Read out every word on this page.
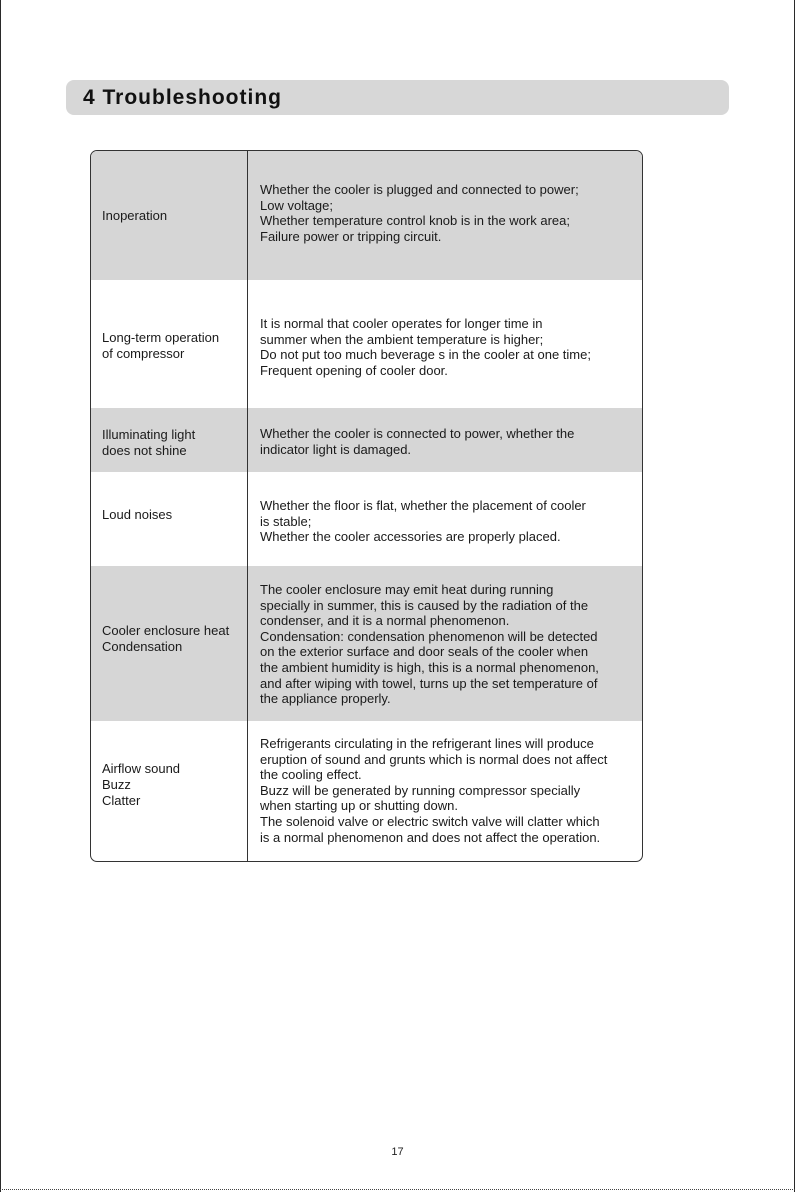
4 Troubleshooting
Inoperation
Whether the cooler is plugged and connected to power;
Low voltage;
Whether temperature control knob is in the work area;
Failure power or tripping circuit.
Long-term operation
of compressor
It is normal that cooler operates for longer time in
summer when the ambient temperature is higher;
Do not put too much beverage s in the cooler at one time;
Frequent opening of cooler door.
Illuminating light
does not shine
Whether the cooler is connected to power, whether the
indicator light is damaged.
Loud noises
Whether the floor is flat, whether the placement of cooler
is stable;
Whether the cooler accessories are properly placed.
Cooler enclosure heat
Condensation
The cooler enclosure may emit heat during running
specially in summer, this is caused by the radiation of the
condenser, and it is a normal phenomenon.
Condensation: condensation phenomenon will be detected
on the exterior surface and door seals of the cooler when
the ambient humidity is high, this is a normal phenomenon,
and after wiping with towel, turns up the set temperature of
the appliance properly.
Airflow sound
Buzz
Clatter
Refrigerants circulating in the refrigerant lines will produce
eruption of sound and grunts which is normal does not affect
the cooling effect.
Buzz will be generated by running compressor specially
when starting up or shutting down.
The solenoid valve or electric switch valve will clatter which
is a normal phenomenon and does not affect the operation.
17
